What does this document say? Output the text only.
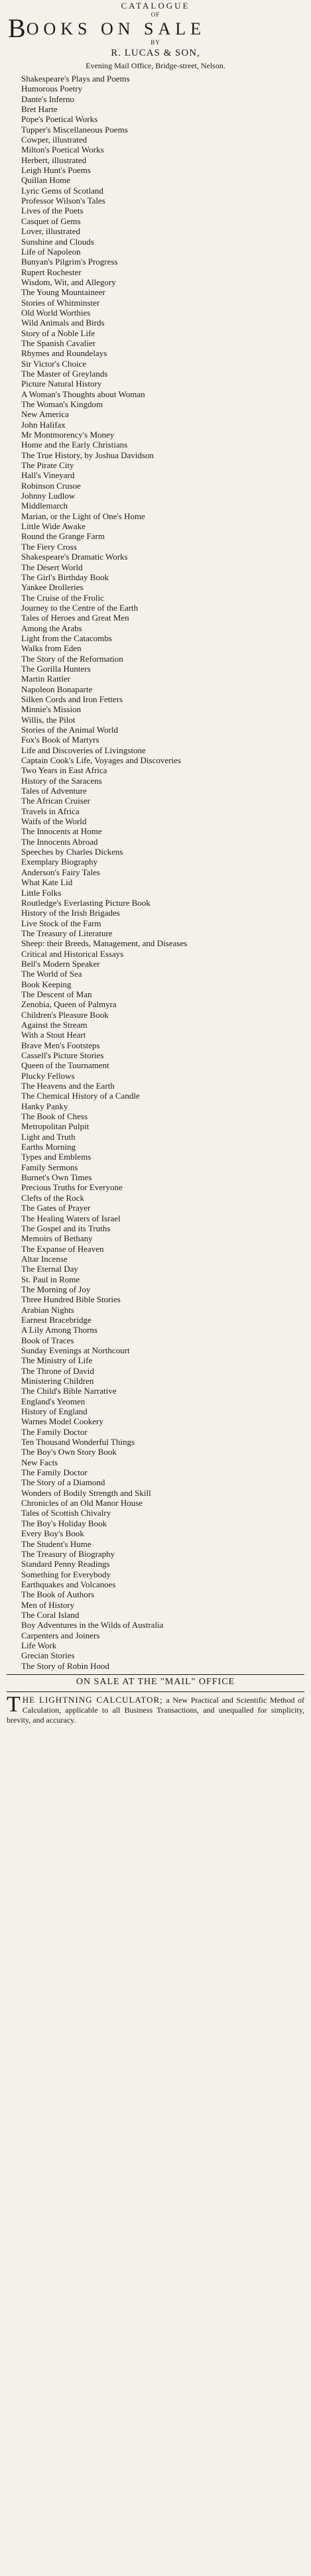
CATALOGUE
OF
BOOKS ON SALE
BY
R. LUCAS & SON,
Evening Mail Office, Bridge-street, Nelson.
Shakespeare's Plays and Poems
Humorous Poetry
Dante's Inferno
Bret Harte
Pope's Poetical Works
Tupper's Miscellaneous Poems
Cowper, illustrated
Milton's Poetical Works
Herbert, illustrated
Leigh Hunt's Poems
Quillan Home
Lyric Gems of Scotland
Professor Wilson's Tales
Lives of the Poets
Casquet of Gems
Lover, illustrated
Sunshine and Clouds
Life of Napoleon
Bunyan's Pilgrim's Progress
Rupert Rochester
Wisdom, Wit, and Allegory
The Young Mountaineer
Stories of Whitminster
Old World Worthies
Wild Animals and Birds
Story of a Noble Life
The Spanish Cavalier
Rhymes and Roundelays
Sir Victor's Choice
The Master of Greylands
Picture Natural History
A Woman's Thoughts about Woman
The Woman's Kingdom
New America
John Halifax
Mr Montmorency's Money
Home and the Early Christians
The True History, by Joshua Davidson
The Pirate City
Hall's Vineyard
Robinson Crusoe
Johnny Ludlow
Middlemarch
Marian, or the Light of One's Home
Little Wide Awake
Round the Grange Farm
The Fiery Cross
Shakespeare's Dramatic Works
The Desert World
The Girl's Birthday Book
Yankee Drolleries
The Cruise of the Frolic
Journey to the Centre of the Earth
Tales of Heroes and Great Men
Among the Arabs
Light from the Catacombs
Walks from Eden
The Story of the Reformation
The Gorilla Hunters
Martin Rattler
Napoleon Bonaparte
Silken Cords and Iron Fetters
Minnie's Mission
Willis, the Pilot
Stories of the Animal World
Fox's Book of Martyrs
Life and Discoveries of Livingstone
Captain Cook's Life, Voyages and Discoveries
Two Years in East Africa
History of the Saracens
Tales of Adventure
The African Cruiser
Travels in Africa
Waifs of the World
The Innocents at Home
The Innocents Abroad
Speeches by Charles Dickens
Exemplary Biography
Anderson's Fairy Tales
What Kate Lid
Little Folks
Routledge's Everlasting Picture Book
History of the Irish Brigades
Live Stock of the Farm
The Treasury of Literature
Sheep: their Breeds, Management, and Diseases
Critical and Historical Essays
Bell's Modern Speaker
The World of Sea
Book Keeping
The Descent of Man
Zenobia, Queen of Palmyra
Children's Pleasure Book
Against the Stream
With a Stout Heart
Brave Men's Footsteps
Cassell's Picture Stories
Queen of the Tournament
Plucky Fellows
The Heavens and the Earth
The Chemical History of a Candle
Hanky Panky
The Book of Chess
Metropolitan Pulpit
Light and Truth
Earths Morning
Types and Emblems
Family Sermons
Burnet's Own Times
Precious Truths for Everyone
Clefts of the Rock
The Gates of Prayer
The Healing Waters of Israel
The Gospel and its Truths
Memoirs of Bethany
The Expanse of Heaven
Altar Incense
The Eternal Day
St. Paul in Rome
The Morning of Joy
Three Hundred Bible Stories
Arabian Nights
Earnest Bracebridge
A Lily Among Thorns
Book of Traces
Sunday Evenings at Northcourt
The Ministry of Life
The Throne of David
Ministering Children
The Child's Bible Narrative
England's Yeomen
History of England
Warnes Model Cookery
The Family Doctor
Ten Thousand Wonderful Things
The Boy's Own Story Book
New Facts
The Family Doctor
The Story of a Diamond
Wonders of Bodily Strength and Skill
Chronicles of an Old Manor House
Tales of Scottish Chivalry
The Boy's Holiday Book
Every Boy's Book
The Student's Hume
The Treasury of Biography
Standard Penny Readings
Something for Everybody
Earthquakes and Volcanoes
The Book of Authors
Men of History
The Coral Island
Boy Adventures in the Wilds of Australia
Carpenters and Joiners
Life Work
Grecian Stories
The Story of Robin Hood
ON SALE AT THE "MAIL" OFFICE
THE LIGHTNING CALCULATOR; a New Practical and Scientific Method of Calculation, applicable to all Business Transactions, and unequalled for simplicity, brevity, and accuracy.
